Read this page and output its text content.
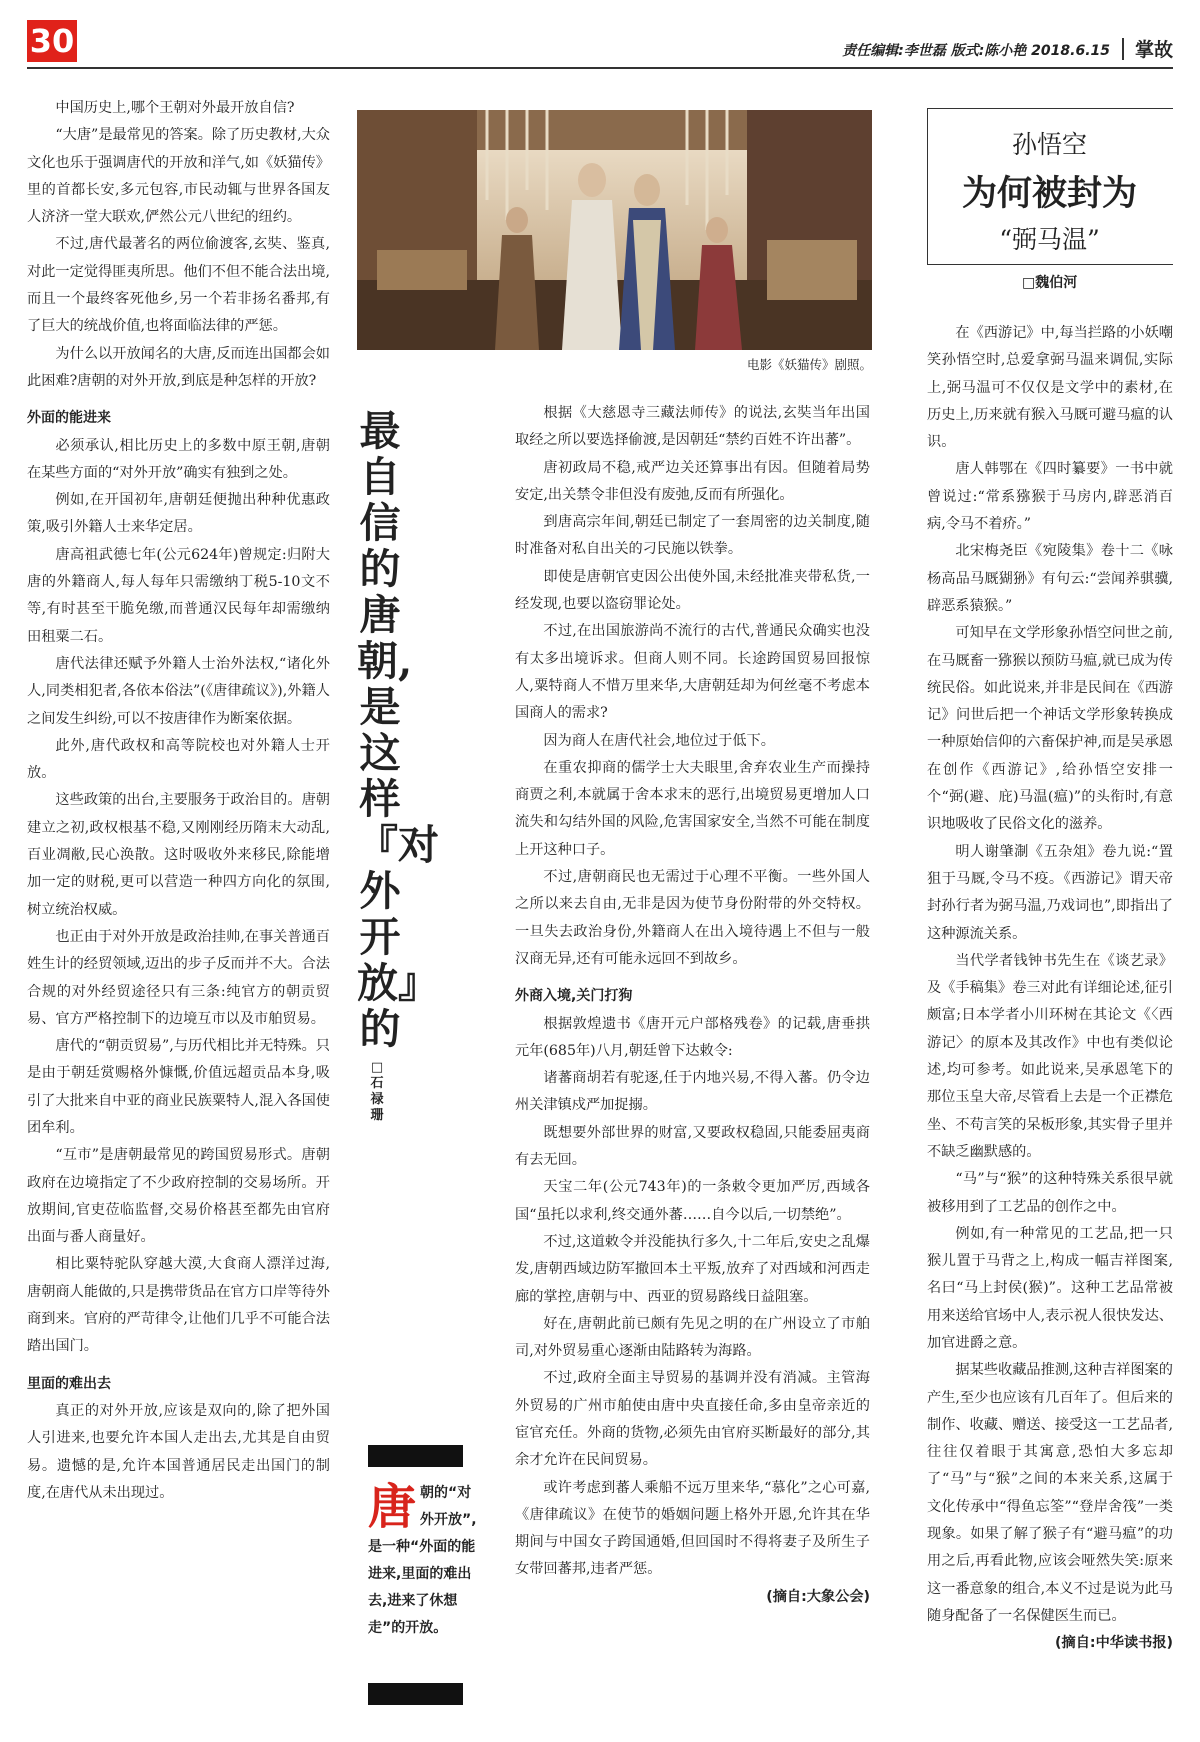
30	责任编辑:李世磊 版式:陈小艳 2018.6.15 掌故

中国历史上,哪个王朝对外最开放自信?

“大唐”是最常见的答案。除了历史教材,大众文化也乐于强调唐代的开放和洋气,如《妖猫传》里的首都长安,多元包容,市民动辄与世界各国友人济济一堂大联欢,俨然公元八世纪的纽约。

不过,唐代最著名的两位偷渡客,玄奘、鉴真,对此一定觉得匪夷所思。他们不但不能合法出境,而且一个最终客死他乡,另一个若非扬名番邦,有了巨大的统战价值,也将面临法律的严惩。

为什么以开放闻名的大唐,反而连出国都会如此困难?唐朝的对外开放,到底是种怎样的开放?

外面的能进来

必须承认,相比历史上的多数中原王朝,唐朝在某些方面的“对外开放”确实有独到之处。

例如,在开国初年,唐朝廷便抛出种种优惠政策,吸引外籍人士来华定居。

唐高祖武德七年(公元624年)曾规定:归附大唐的外籍商人,每人每年只需缴纳丁税5-10文不等,有时甚至干脆免缴,而普通汉民每年却需缴纳田租粟二石。

唐代法律还赋予外籍人士治外法权,“诸化外人,同类相犯者,各依本俗法”(《唐律疏议》),外籍人之间发生纠纷,可以不按唐律作为断案依据。

此外,唐代政权和高等院校也对外籍人士开放。

这些政策的出台,主要服务于政治目的。唐朝建立之初,政权根基不稳,又刚刚经历隋末大动乱,百业凋敝,民心涣散。这时吸收外来移民,除能增加一定的财税,更可以营造一种四方向化的氛围,树立统治权威。

也正由于对外开放是政治挂帅,在事关普通百姓生计的经贸领域,迈出的步子反而并不大。合法合规的对外经贸途径只有三条:纯官方的朝贡贸易、官方严格控制下的边境互市以及市舶贸易。

唐代的“朝贡贸易”,与历代相比并无特殊。只是由于朝廷赏赐格外慷慨,价值远超贡品本身,吸引了大批来自中亚的商业民族粟特人,混入各国使团牟利。

“互市”是唐朝最常见的跨国贸易形式。唐朝政府在边境指定了不少政府控制的交易场所。开放期间,官吏莅临监督,交易价格甚至都先由官府出面与番人商量好。

相比粟特驼队穿越大漠,大食商人漂洋过海,唐朝商人能做的,只是携带货品在官方口岸等待外商到来。官府的严苛律令,让他们几乎不可能合法踏出国门。

里面的难出去

真正的对外开放,应该是双向的,除了把外国人引进来,也要允许本国人走出去,尤其是自由贸易。遗憾的是,允许本国普通居民走出国门的制度,在唐代从未出现过。

电影《妖猫传》剧照。
最自信的唐朝,是这样『对外开放』的
□石禄珊
唐朝的“对外开放”,是一种“外面的能进来,里面的难出去,进来了休想走”的开放。

根据《大慈恩寺三藏法师传》的说法,玄奘当年出国取经之所以要选择偷渡,是因朝廷“禁约百姓不许出蕃”。

唐初政局不稳,戒严边关还算事出有因。但随着局势安定,出关禁令非但没有废弛,反而有所强化。

到唐高宗年间,朝廷已制定了一套周密的边关制度,随时准备对私自出关的刁民施以铁拳。

即使是唐朝官吏因公出使外国,未经批准夹带私货,一经发现,也要以盗窃罪论处。

不过,在出国旅游尚不流行的古代,普通民众确实也没有太多出境诉求。但商人则不同。长途跨国贸易回报惊人,粟特商人不惜万里来华,大唐朝廷却为何丝毫不考虑本国商人的需求?

因为商人在唐代社会,地位过于低下。

在重农抑商的儒学士大夫眼里,舍弃农业生产而操持商贾之利,本就属于舍本求末的恶行,出境贸易更增加人口流失和勾结外国的风险,危害国家安全,当然不可能在制度上开这种口子。

不过,唐朝商民也无需过于心理不平衡。一些外国人之所以来去自由,无非是因为使节身份附带的外交特权。一旦失去政治身份,外籍商人在出入境待遇上不但与一般汉商无异,还有可能永远回不到故乡。

外商入境,关门打狗

根据敦煌遗书《唐开元户部格残卷》的记载,唐垂拱元年(685年)八月,朝廷曾下达敕令:

诸蕃商胡若有驼逐,任于内地兴易,不得入蕃。仍令边州关津镇戍严加捉搦。

既想要外部世界的财富,又要政权稳固,只能委屈夷商有去无回。

天宝二年(公元743年)的一条敕令更加严厉,西域各国“虽托以求利,终交通外蕃……自今以后,一切禁绝”。

不过,这道敕令并没能执行多久,十二年后,安史之乱爆发,唐朝西域边防军撤回本土平叛,放弃了对西域和河西走廊的掌控,唐朝与中、西亚的贸易路线日益阻塞。

好在,唐朝此前已颇有先见之明的在广州设立了市舶司,对外贸易重心逐渐由陆路转为海路。

不过,政府全面主导贸易的基调并没有消减。主管海外贸易的广州市舶使由唐中央直接任命,多由皇帝亲近的宦官充任。外商的货物,必须先由官府买断最好的部分,其余才允许在民间贸易。

或许考虑到蕃人乘船不远万里来华,“慕化”之心可嘉,《唐律疏议》在使节的婚姻问题上格外开恩,允许其在华期间与中国女子跨国通婚,但回国时不得将妻子及所生子女带回蕃邦,违者严惩。

(摘自:大象公会)

孙悟空
为何被封为
“弼马温”
□魏伯河

在《西游记》中,每当拦路的小妖嘲笑孙悟空时,总爱拿弼马温来调侃,实际上,弼马温可不仅仅是文学中的素材,在历史上,历来就有猴入马厩可避马瘟的认识。

唐人韩鄂在《四时纂要》一书中就曾说过:“常系猕猴于马房内,辟恶消百病,令马不着疥。”

北宋梅尧臣《宛陵集》卷十二《咏杨高品马厩猢狲》有句云:“尝闻养骐骥,辟恶系猿猴。”

可知早在文学形象孙悟空问世之前,在马厩畜一猕猴以预防马瘟,就已成为传统民俗。如此说来,并非是民间在《西游记》问世后把一个神话文学形象转换成一种原始信仰的六畜保护神,而是吴承恩在创作《西游记》,给孙悟空安排一个“弼(避、庇)马温(瘟)”的头衔时,有意识地吸收了民俗文化的滋养。

明人谢肇淛《五杂俎》卷九说:“置狙于马厩,令马不疫。《西游记》谓天帝封孙行者为弼马温,乃戏词也”,即指出了这种源流关系。

当代学者钱钟书先生在《谈艺录》及《手稿集》卷三对此有详细论述,征引颇富;日本学者小川环树在其论文《〈西游记〉的原本及其改作》中也有类似论述,均可参考。如此说来,吴承恩笔下的那位玉皇大帝,尽管看上去是一个正襟危坐、不苟言笑的呆板形象,其实骨子里并不缺乏幽默感的。

“马”与“猴”的这种特殊关系很早就被移用到了工艺品的创作之中。

例如,有一种常见的工艺品,把一只猴儿置于马背之上,构成一幅吉祥图案,名曰“马上封侯(猴)”。这种工艺品常被用来送给官场中人,表示祝人很快发达、加官进爵之意。

据某些收藏品推测,这种吉祥图案的产生,至少也应该有几百年了。但后来的制作、收藏、赠送、接受这一工艺品者,往往仅着眼于其寓意,恐怕大多忘却了“马”与“猴”之间的本来关系,这属于文化传承中“得鱼忘筌”“登岸舍筏”一类现象。如果了解了猴子有“避马瘟”的功用之后,再看此物,应该会哑然失笑:原来这一番意象的组合,本义不过是说为此马随身配备了一名保健医生而已。

(摘自:中华读书报)
